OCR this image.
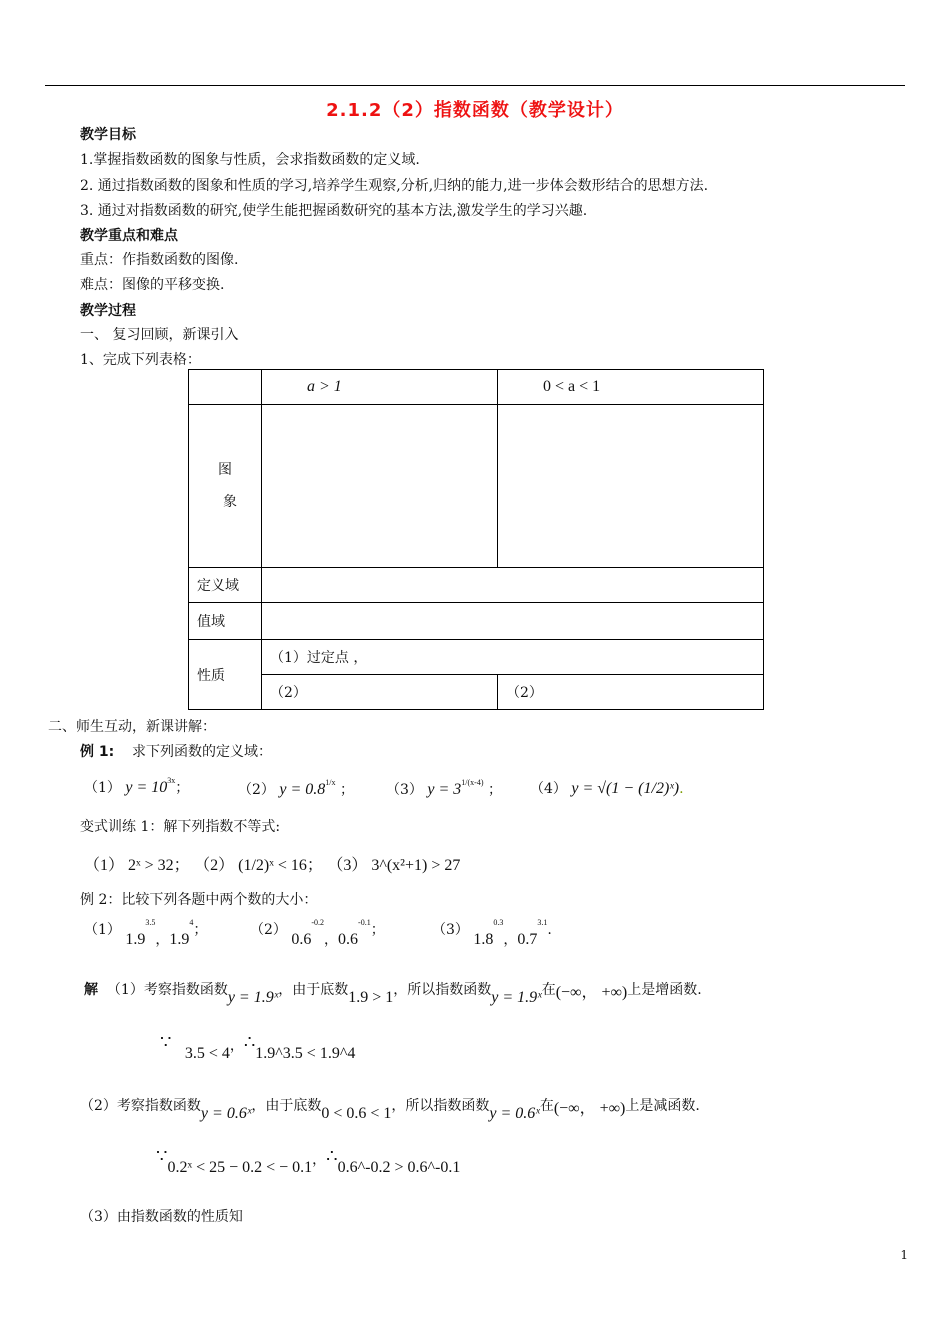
2.1.2（2）指数函数（教学设计）
教学目标
1.掌握指数函数的图象与性质，会求指数函数的定义域.
2. 通过指数函数的图象和性质的学习,培养学生观察,分析,归纳的能力,进一步体会数形结合的思想方法.
3. 通过对指数函数的研究,使学生能把握函数研究的基本方法,激发学生的学习兴趣.
教学重点和难点
重点：作指数函数的图像.
难点：图像的平移变换.
教学过程
一、 复习回顾，新课引入
1、完成下列表格：
	a > 1	0 < a < 1

图
象		

定义域		
值域		
性质	（1）过定点 ，	
	（2）	（2）
二、师生互动，新课讲解：
例 1: 求下列函数的定义域：
（1） $y = 10^{3x}$；	（2） $y = 0.8^{1/x}$ ； （3） $y = 3^{1/(x-4)}$ ； （4） y = √(1 − (1/2)ˣ).
变式训练 1：解下列指数不等式:
（1） 2ˣ > 32； （2） (1/2)ˣ < 16； （3） 3^(x²+1) > 27
例 2：比较下列各题中两个数的大小：
（1） $1.9^{3.5}$，$1.9^4$；	（2） $0.6^{-0.2}$，$0.6^{-0.1}$；	（3） $1.8^{0.3}$，$0.7^{3.1}$.
解 （1）考察指数函数y = 1.9ˣ，由于底数1.9 > 1，所以指数函数y = 1.9ˣ在(−∞， +∞)上是增函数.
∵   3.5 < 4，∴1.9^3.5 < 1.9^4
（2）考察指数函数y = 0.6ˣ，由于底数0 < 0.6 < 1，所以指数函数y = 0.6ˣ在(−∞， +∞)上是减函数.
∵0.2ˣ < 25 − 0.2 < − 0.1，∴0.6^-0.2 > 0.6^-0.1
（3）由指数函数的性质知
1
